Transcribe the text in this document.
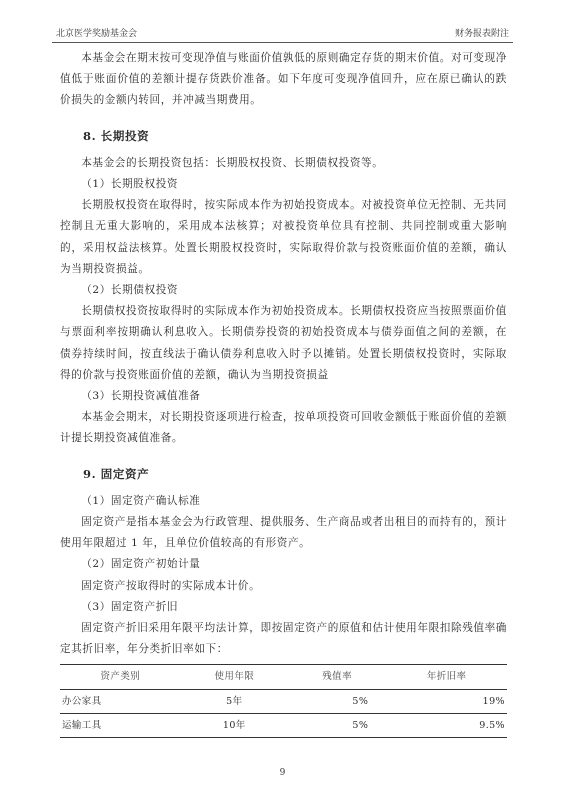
北京医学奖励基金会	财务报表附注

本基金会在期末按可变现净值与账面价值孰低的原则确定存货的期末价值。对可变现净值低于账面价值的差额计提存货跌价准备。如下年度可变现净值回升，应在原已确认的跌价损失的金额内转回，并冲减当期费用。

8. 长期投资

本基金会的长期投资包括：长期股权投资、长期债权投资等。

（1）长期股权投资

长期股权投资在取得时，按实际成本作为初始投资成本。对被投资单位无控制、无共同控制且无重大影响的，采用成本法核算；对被投资单位具有控制、共同控制或重大影响的，采用权益法核算。处置长期股权投资时，实际取得价款与投资账面价值的差额，确认为当期投资损益。

（2）长期债权投资

长期债权投资按取得时的实际成本作为初始投资成本。长期债权投资应当按照票面价值与票面利率按期确认利息收入。长期债券投资的初始投资成本与债券面值之间的差额，在债券持续时间，按直线法于确认债券利息收入时予以摊销。处置长期债权投资时，实际取得的价款与投资账面价值的差额，确认为当期投资损益

（3）长期投资减值准备

本基金会期末，对长期投资逐项进行检查，按单项投资可回收金额低于账面价值的差额计提长期投资减值准备。

9. 固定资产

（1）固定资产确认标准

固定资产是指本基金会为行政管理、提供服务、生产商品或者出租目的而持有的，预计使用年限超过 1 年，且单位价值较高的有形资产。

（2）固定资产初始计量

固定资产按取得时的实际成本计价。

（3）固定资产折旧

固定资产折旧采用年限平均法计算，即按固定资产的原值和估计使用年限扣除残值率确定其折旧率，年分类折旧率如下：

资产类别	使用年限	残值率	年折旧率
办公家具	5年	5%	19%
运输工具	10年	5%	9.5%
9
